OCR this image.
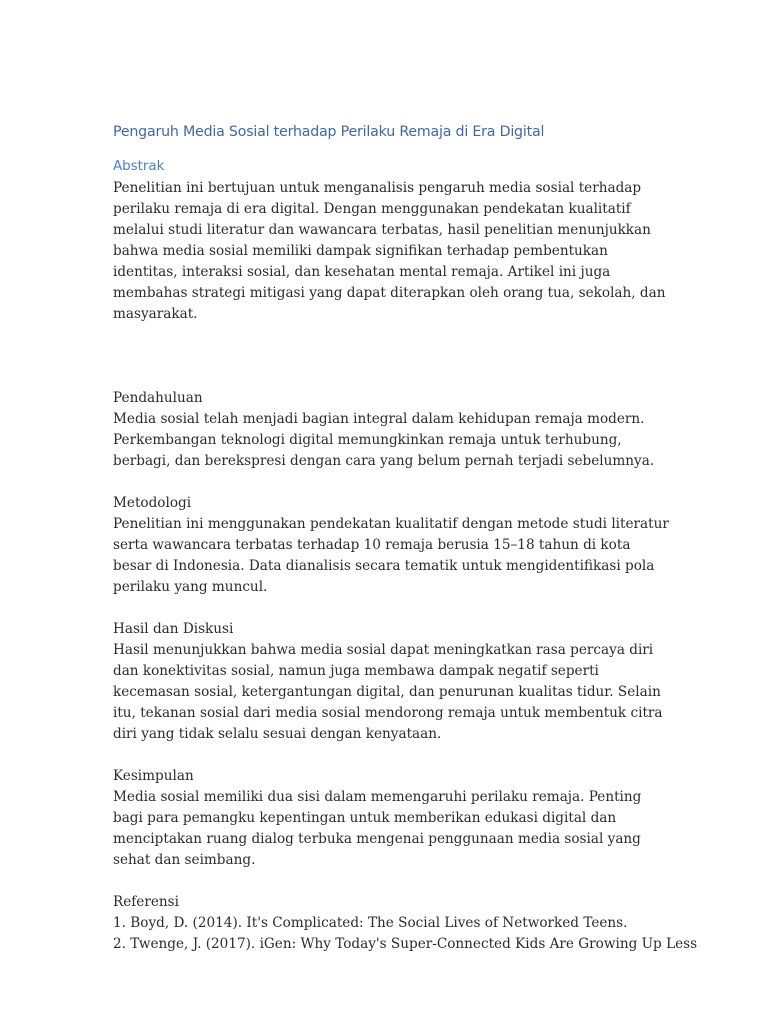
Pengaruh Media Sosial terhadap Perilaku Remaja di Era Digital
Abstrak

Penelitian ini bertujuan untuk menganalisis pengaruh media sosial terhadap perilaku remaja di era digital. Dengan menggunakan pendekatan kualitatif melalui studi literatur dan wawancara terbatas, hasil penelitian menunjukkan bahwa media sosial memiliki dampak signifikan terhadap pembentukan identitas, interaksi sosial, dan kesehatan mental remaja. Artikel ini juga membahas strategi mitigasi yang dapat diterapkan oleh orang tua, sekolah, dan masyarakat.

Pendahuluan

Media sosial telah menjadi bagian integral dalam kehidupan remaja modern. Perkembangan teknologi digital memungkinkan remaja untuk terhubung, berbagi, dan berekspresi dengan cara yang belum pernah terjadi sebelumnya.

Metodologi

Penelitian ini menggunakan pendekatan kualitatif dengan metode studi literatur serta wawancara terbatas terhadap 10 remaja berusia 15–18 tahun di kota besar di Indonesia. Data dianalisis secara tematik untuk mengidentifikasi pola perilaku yang muncul.

Hasil dan Diskusi

Hasil menunjukkan bahwa media sosial dapat meningkatkan rasa percaya diri dan konektivitas sosial, namun juga membawa dampak negatif seperti kecemasan sosial, ketergantungan digital, dan penurunan kualitas tidur. Selain itu, tekanan sosial dari media sosial mendorong remaja untuk membentuk citra diri yang tidak selalu sesuai dengan kenyataan.

Kesimpulan

Media sosial memiliki dua sisi dalam memengaruhi perilaku remaja. Penting bagi para pemangku kepentingan untuk memberikan edukasi digital dan menciptakan ruang dialog terbuka mengenai penggunaan media sosial yang sehat dan seimbang.

Referensi
1. Boyd, D. (2014). It's Complicated: The Social Lives of Networked Teens.
2. Twenge, J. (2017). iGen: Why Today's Super-Connected Kids Are Growing Up Less
